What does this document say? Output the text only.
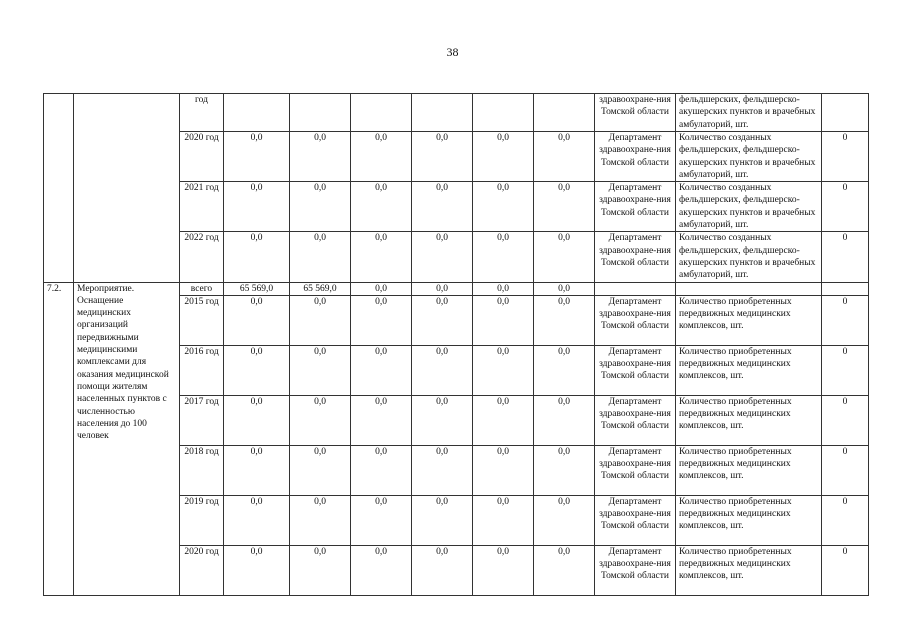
38
		год							здравоохране-ния Томской области	фельдшерских, фельдшерско-акушерских пунктов и врачебных амбулаторий, шт.	
		2020 год	0,0	0,0	0,0	0,0	0,0	0,0	Департамент здравоохране-ния Томской области	Количество созданных фельдшерских, фельдшерско-акушерских пунктов и врачебных амбулаторий, шт.	0
		2021 год	0,0	0,0	0,0	0,0	0,0	0,0	Департамент здравоохране-ния Томской области	Количество созданных фельдшерских, фельдшерско-акушерских пунктов и врачебных амбулаторий, шт.	0
		2022 год	0,0	0,0	0,0	0,0	0,0	0,0	Департамент здравоохране-ния Томской области	Количество созданных фельдшерских, фельдшерско-акушерских пунктов и врачебных амбулаторий, шт.	0
7.2.	Мероприятие. Оснащение медицинских организаций передвижными медицинскими комплексами для оказания медицинской помощи жителям населенных пунктов с численностью населения до 100 человек	всего	65 569,0	65 569,0	0,0	0,0	0,0	0,0			
		2015 год	0,0	0,0	0,0	0,0	0,0	0,0	Департамент здравоохране-ния Томской области	Количество приобретенных передвижных медицинских комплексов, шт.	0
		2016 год	0,0	0,0	0,0	0,0	0,0	0,0	Департамент здравоохране-ния Томской области	Количество приобретенных передвижных медицинских комплексов, шт.	0
		2017 год	0,0	0,0	0,0	0,0	0,0	0,0	Департамент здравоохране-ния Томской области	Количество приобретенных передвижных медицинских комплексов, шт.	0
		2018 год	0,0	0,0	0,0	0,0	0,0	0,0	Департамент здравоохране-ния Томской области	Количество приобретенных передвижных медицинских комплексов, шт.	0
		2019 год	0,0	0,0	0,0	0,0	0,0	0,0	Департамент здравоохране-ния Томской области	Количество приобретенных передвижных медицинских комплексов, шт.	0
		2020 год	0,0	0,0	0,0	0,0	0,0	0,0	Департамент здравоохране-ния Томской области	Количество приобретенных передвижных медицинских комплексов, шт.	0
